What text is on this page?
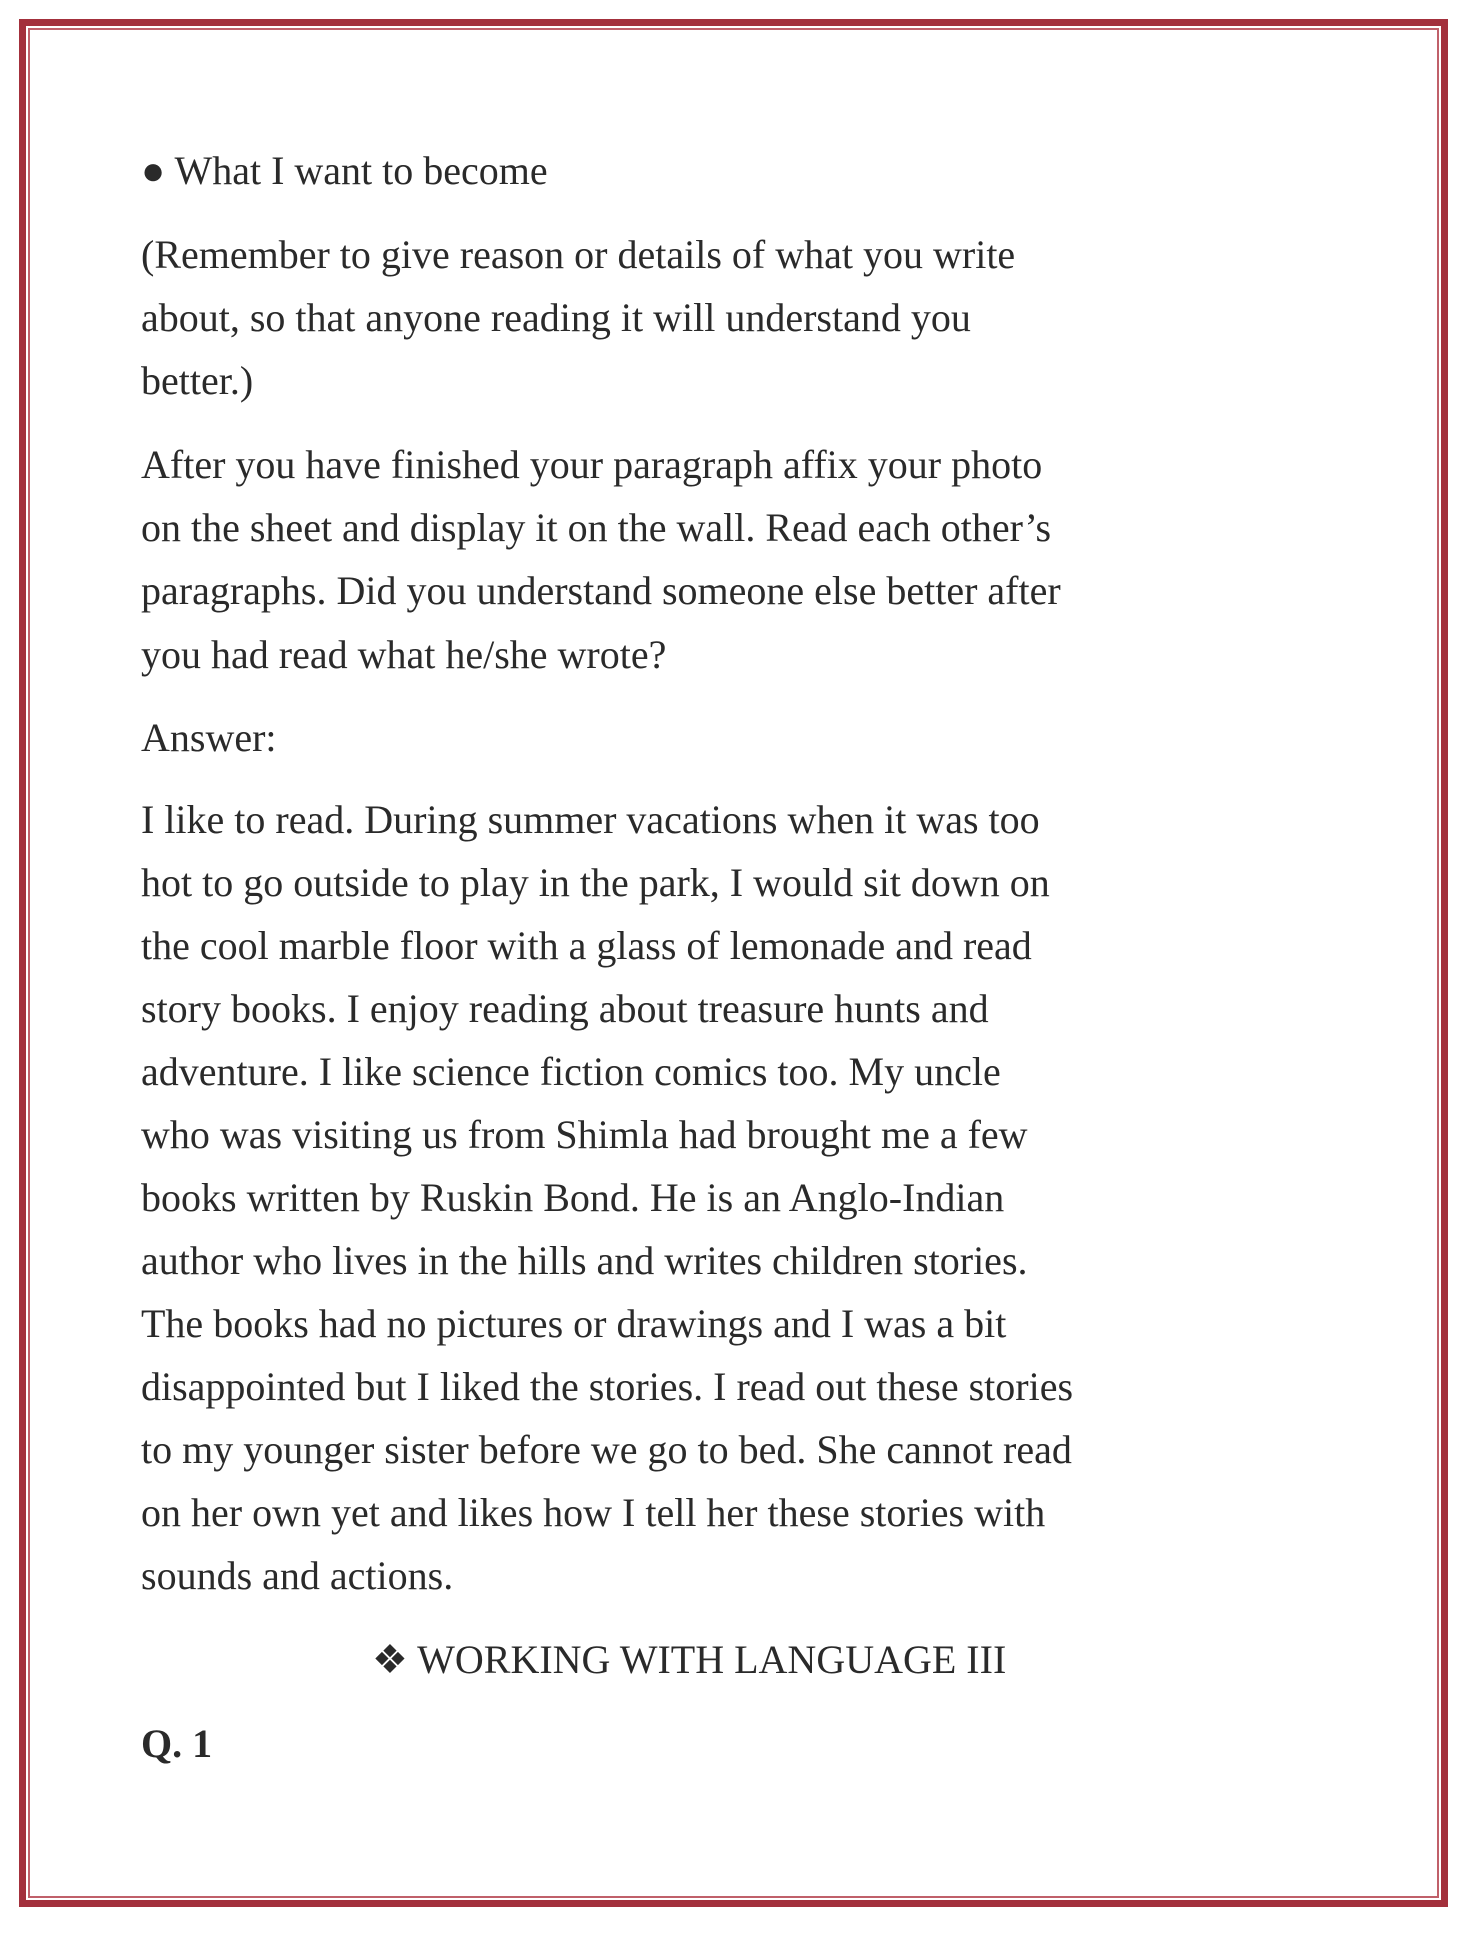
● What I want to become
(Remember to give reason or details of what you write
about, so that anyone reading it will understand you
better.)
After you have finished your paragraph affix your photo
on the sheet and display it on the wall. Read each other’s
paragraphs. Did you understand someone else better after
you had read what he/she wrote?
Answer:
I like to read. During summer vacations when it was too
hot to go outside to play in the park, I would sit down on
the cool marble floor with a glass of lemonade and read
story books. I enjoy reading about treasure hunts and
adventure. I like science fiction comics too. My uncle
who was visiting us from Shimla had brought me a few
books written by Ruskin Bond. He is an Anglo-Indian
author who lives in the hills and writes children stories.
The books had no pictures or drawings and I was a bit
disappointed but I liked the stories. I read out these stories
to my younger sister before we go to bed. She cannot read
on her own yet and likes how I tell her these stories with
sounds and actions.
❖ WORKING WITH LANGUAGE III
Q. 1
